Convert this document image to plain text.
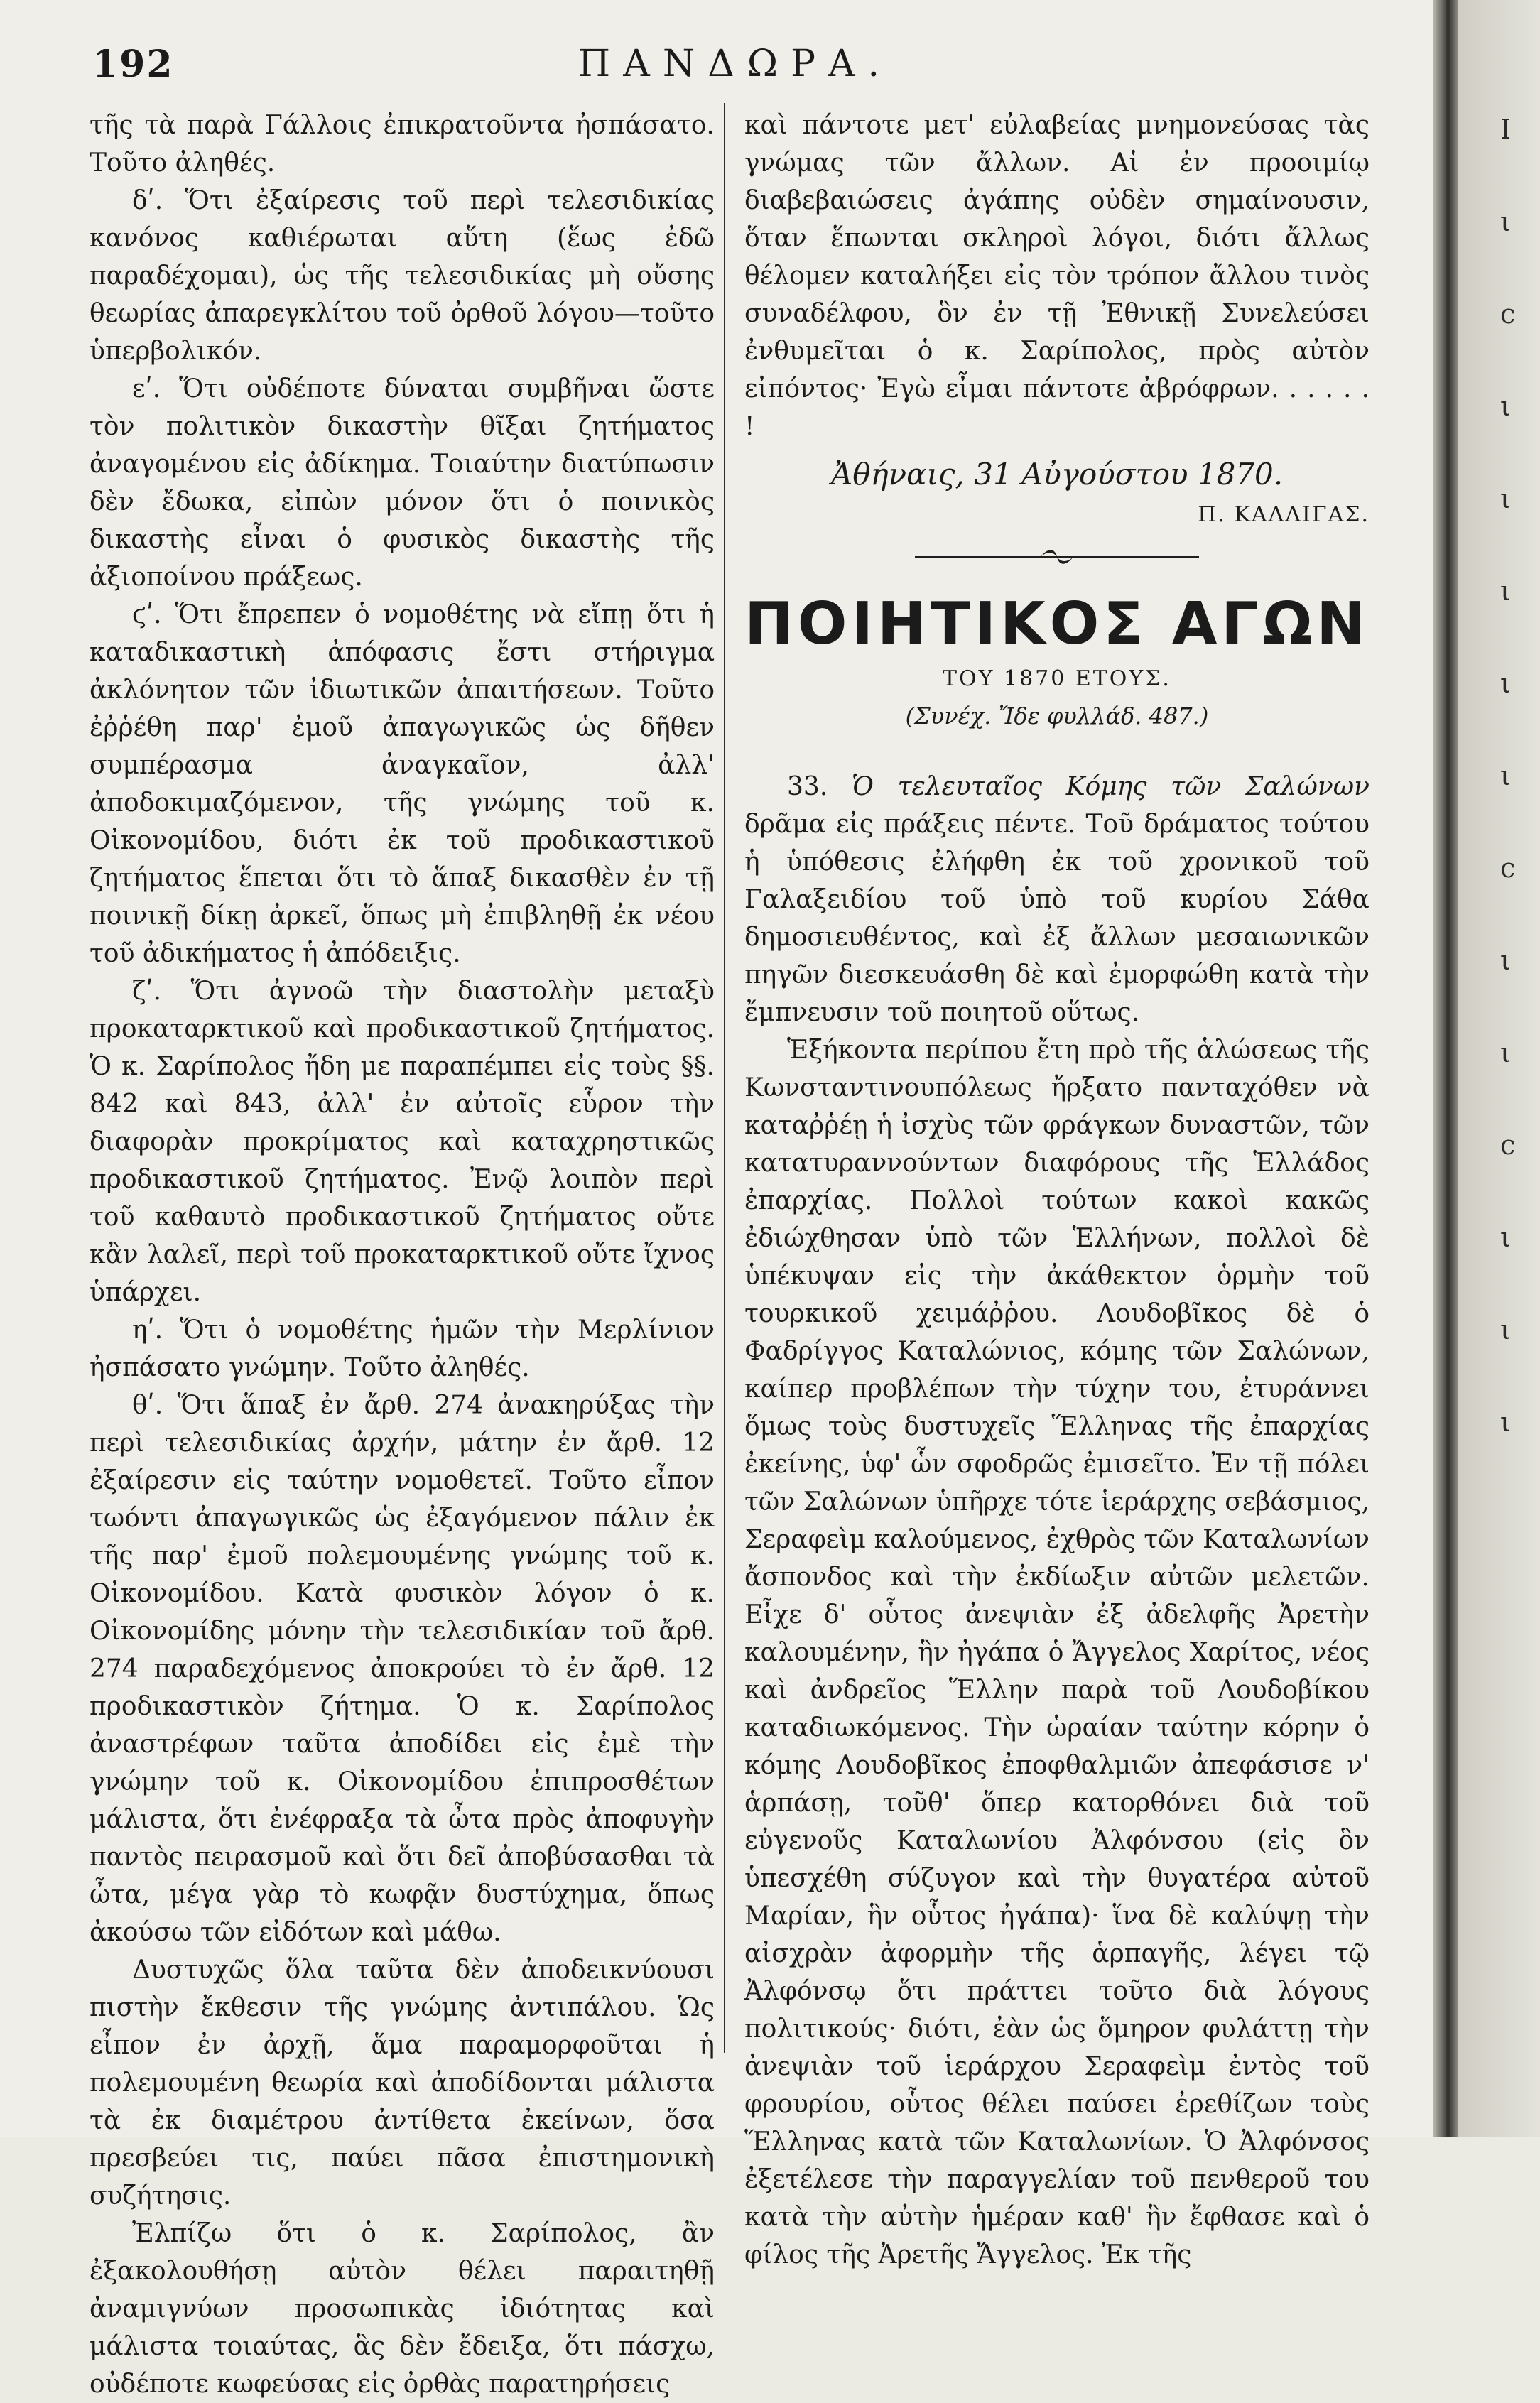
192	ΠΑΝΔΩΡΑ.

τῆς τὰ παρὰ Γάλλοις ἐπικρατοῦντα ἠσπάσατο. Τοῦτο ἀληθές.

δʹ. Ὅτι ἐξαίρεσις τοῦ περὶ τελεσιδικίας κανόνος καθιέρωται αὕτη (ἕως ἐδῶ παραδέχομαι), ὡς τῆς τελεσιδικίας μὴ οὔσης θεωρίας ἀπαρεγκλίτου τοῦ ὀρθοῦ λόγου—τοῦτο ὑπερβολικόν.

εʹ. Ὅτι οὐδέποτε δύναται συμβῆναι ὥστε τὸν πολιτικὸν δικαστὴν θῖξαι ζητήματος ἀναγομένου εἰς ἀδίκημα. Τοιαύτην διατύπωσιν δὲν ἔδωκα, εἰπὼν μόνον ὅτι ὁ ποινικὸς δικαστὴς εἶναι ὁ φυσικὸς δικαστὴς τῆς ἀξιοποίνου πράξεως.

ϛʹ. Ὅτι ἔπρεπεν ὁ νομοθέτης νὰ εἴπῃ ὅτι ἡ καταδικαστικὴ ἀπόφασις ἔστι στήριγμα ἀκλόνητον τῶν ἰδιωτικῶν ἀπαιτήσεων. Τοῦτο ἐῤῥέθη παρ' ἐμοῦ ἀπαγωγικῶς ὡς δῆθεν συμπέρασμα ἀναγκαῖον, ἀλλ' ἀποδοκιμαζόμενον, τῆς γνώμης τοῦ κ. Οἰκονομίδου, διότι ἐκ τοῦ προδικαστικοῦ ζητήματος ἕπεται ὅτι τὸ ἅπαξ δικασθὲν ἐν τῇ ποινικῇ δίκῃ ἀρκεῖ, ὅπως μὴ ἐπιβληθῇ ἐκ νέου τοῦ ἀδικήματος ἡ ἀπόδειξις.

ζʹ. Ὅτι ἀγνοῶ τὴν διαστολὴν μεταξὺ προκαταρκτικοῦ καὶ προδικαστικοῦ ζητήματος. Ὁ κ. Σαρίπολος ἤδη με παραπέμπει εἰς τοὺς §§. 842 καὶ 843, ἀλλ' ἐν αὐτοῖς εὗρον τὴν διαφορὰν προκρίματος καὶ καταχρηστικῶς προδικαστικοῦ ζητήματος. Ἐνῷ λοιπὸν περὶ τοῦ καθαυτὸ προδικαστικοῦ ζητήματος οὔτε κἂν λαλεῖ, περὶ τοῦ προκαταρκτικοῦ οὔτε ἴχνος ὑπάρχει.

ηʹ. Ὅτι ὁ νομοθέτης ἡμῶν τὴν Μερλίνιον ἠσπάσατο γνώμην. Τοῦτο ἀληθές.

θʹ. Ὅτι ἅπαξ ἐν ἄρθ. 274 ἀνακηρύξας τὴν περὶ τελεσιδικίας ἀρχήν, μάτην ἐν ἄρθ. 12 ἐξαίρεσιν εἰς ταύτην νομοθετεῖ. Τοῦτο εἶπον τωόντι ἀπαγωγικῶς ὡς ἐξαγόμενον πάλιν ἐκ τῆς παρ' ἐμοῦ πολεμουμένης γνώμης τοῦ κ. Οἰκονομίδου. Κατὰ φυσικὸν λόγον ὁ κ. Οἰκονομίδης μόνην τὴν τελεσιδικίαν τοῦ ἄρθ. 274 παραδεχόμενος ἀποκρούει τὸ ἐν ἄρθ. 12 προδικαστικὸν ζήτημα. Ὁ κ. Σαρίπολος ἀναστρέφων ταῦτα ἀποδίδει εἰς ἐμὲ τὴν γνώμην τοῦ κ. Οἰκονομίδου ἐπιπροσθέτων μάλιστα, ὅτι ἐνέφραξα τὰ ὦτα πρὸς ἀποφυγὴν παντὸς πειρασμοῦ καὶ ὅτι δεῖ ἀποβύσασθαι τὰ ὦτα, μέγα γὰρ τὸ κωφᾷν δυστύχημα, ὅπως ἀκούσω τῶν εἰδότων καὶ μάθω.

Δυστυχῶς ὅλα ταῦτα δὲν ἀποδεικνύουσι πιστὴν ἔκθεσιν τῆς γνώμης ἀντιπάλου. Ὡς εἶπον ἐν ἀρχῇ, ἅμα παραμορφοῦται ἡ πολεμουμένη θεωρία καὶ ἀποδίδονται μάλιστα τὰ ἐκ διαμέτρου ἀντίθετα ἐκείνων, ὅσα πρεσβεύει τις, παύει πᾶσα ἐπιστημονικὴ συζήτησις.

Ἐλπίζω ὅτι ὁ κ. Σαρίπολος, ἂν ἐξακολουθήσῃ αὐτὸν θέλει παραιτηθῇ ἀναμιγνύων προσωπικὰς ἰδιότητας καὶ μάλιστα τοιαύτας, ἃς δὲν ἔδειξα, ὅτι πάσχω, οὐδέποτε κωφεύσας εἰς ὀρθὰς παρατηρήσεις

καὶ πάντοτε μετ' εὐλαβείας μνημονεύσας τὰς γνώμας τῶν ἄλλων. Αἱ ἐν προοιμίῳ διαβεβαιώσεις ἀγάπης οὐδὲν σημαίνουσιν, ὅταν ἕπωνται σκληροὶ λόγοι, διότι ἄλλως θέλομεν καταλήξει εἰς τὸν τρόπον ἄλλου τινὸς συναδέλφου, ὃν ἐν τῇ Ἐθνικῇ Συνελεύσει ἐνθυμεῖται ὁ κ. Σαρίπολος, πρὸς αὐτὸν εἰπόντος· Ἐγὼ εἶμαι πάντοτε ἀβρόφρων. . . . . . !

Ἀθήναις, 31 Αὐγούστου 1870.

Π. ΚΑΛΛΙΓΑΣ.

ΠΟΙΗΤΙΚΟΣ ΑΓΩΝ

ΤΟΥ 1870 ΕΤΟΥΣ.

(Συνέχ. Ἴδε φυλλάδ. 487.)

33. Ὁ τελευταῖος Κόμης τῶν Σαλώνων δρᾶμα εἰς πράξεις πέντε. Τοῦ δράματος τούτου ἡ ὑπόθεσις ἐλήφθη ἐκ τοῦ χρονικοῦ τοῦ Γαλαξειδίου τοῦ ὑπὸ τοῦ κυρίου Σάθα δημοσιευθέντος, καὶ ἐξ ἄλλων μεσαιωνικῶν πηγῶν διεσκευάσθη δὲ καὶ ἐμορφώθη κατὰ τὴν ἔμπνευσιν τοῦ ποιητοῦ οὕτως.

Ἑξήκοντα περίπου ἔτη πρὸ τῆς ἁλώσεως τῆς Κωνσταντινουπόλεως ἤρξατο πανταχόθεν νὰ καταῤῥέῃ ἡ ἰσχὺς τῶν φράγκων δυναστῶν, τῶν κατατυραννούντων διαφόρους τῆς Ἑλλάδος ἐπαρχίας. Πολλοὶ τούτων κακοὶ κακῶς ἐδιώχθησαν ὑπὸ τῶν Ἑλλήνων, πολλοὶ δὲ ὑπέκυψαν εἰς τὴν ἀκάθεκτον ὁρμὴν τοῦ τουρκικοῦ χειμάῤῥου. Λουδοβῖκος δὲ ὁ Φαδρίγγος Καταλώνιος, κόμης τῶν Σαλώνων, καίπερ προβλέπων τὴν τύχην του, ἐτυράννει ὅμως τοὺς δυστυχεῖς Ἕλληνας τῆς ἐπαρχίας ἐκείνης, ὑφ' ὧν σφοδρῶς ἐμισεῖτο. Ἐν τῇ πόλει τῶν Σαλώνων ὑπῆρχε τότε ἱεράρχης σεβάσμιος, Σεραφεὶμ καλούμενος, ἐχθρὸς τῶν Καταλωνίων ἄσπονδος καὶ τὴν ἐκδίωξιν αὐτῶν μελετῶν. Εἶχε δ' οὗτος ἀνεψιὰν ἐξ ἀδελφῆς Ἀρετὴν καλουμένην, ἣν ἠγάπα ὁ Ἄγγελος Χαρίτος, νέος καὶ ἀνδρεῖος Ἕλλην παρὰ τοῦ Λουδοβίκου καταδιωκόμενος. Τὴν ὡραίαν ταύτην κόρην ὁ κόμης Λουδοβῖκος ἐποφθαλμιῶν ἀπεφάσισε ν' ἁρπάσῃ, τοῦθ' ὅπερ κατορθόνει διὰ τοῦ εὐγενοῦς Καταλωνίου Ἀλφόνσου (εἰς ὃν ὑπεσχέθη σύζυγον καὶ τὴν θυγατέρα αὐτοῦ Μαρίαν, ἣν οὗτος ἠγάπα)· ἵνα δὲ καλύψῃ τὴν αἰσχρὰν ἀφορμὴν τῆς ἁρπαγῆς, λέγει τῷ Ἀλφόνσῳ ὅτι πράττει τοῦτο διὰ λόγους πολιτικούς· διότι, ἐὰν ὡς ὅμηρον φυλάττῃ τὴν ἀνεψιὰν τοῦ ἱεράρχου Σεραφεὶμ ἐντὸς τοῦ φρουρίου, οὗτος θέλει παύσει ἐρεθίζων τοὺς Ἕλληνας κατὰ τῶν Καταλωνίων. Ὁ Ἀλφόνσος ἐξετέλεσε τὴν παραγγελίαν τοῦ πενθεροῦ του κατὰ τὴν αὐτὴν ἡμέραν καθ' ἣν ἔφθασε καὶ ὁ φίλος τῆς Ἀρετῆς Ἄγγελος. Ἐκ τῆς

Ι
ι
c
ι
ι
ι
ι
ι
c
ι
ι
c
ι
ι
ι
